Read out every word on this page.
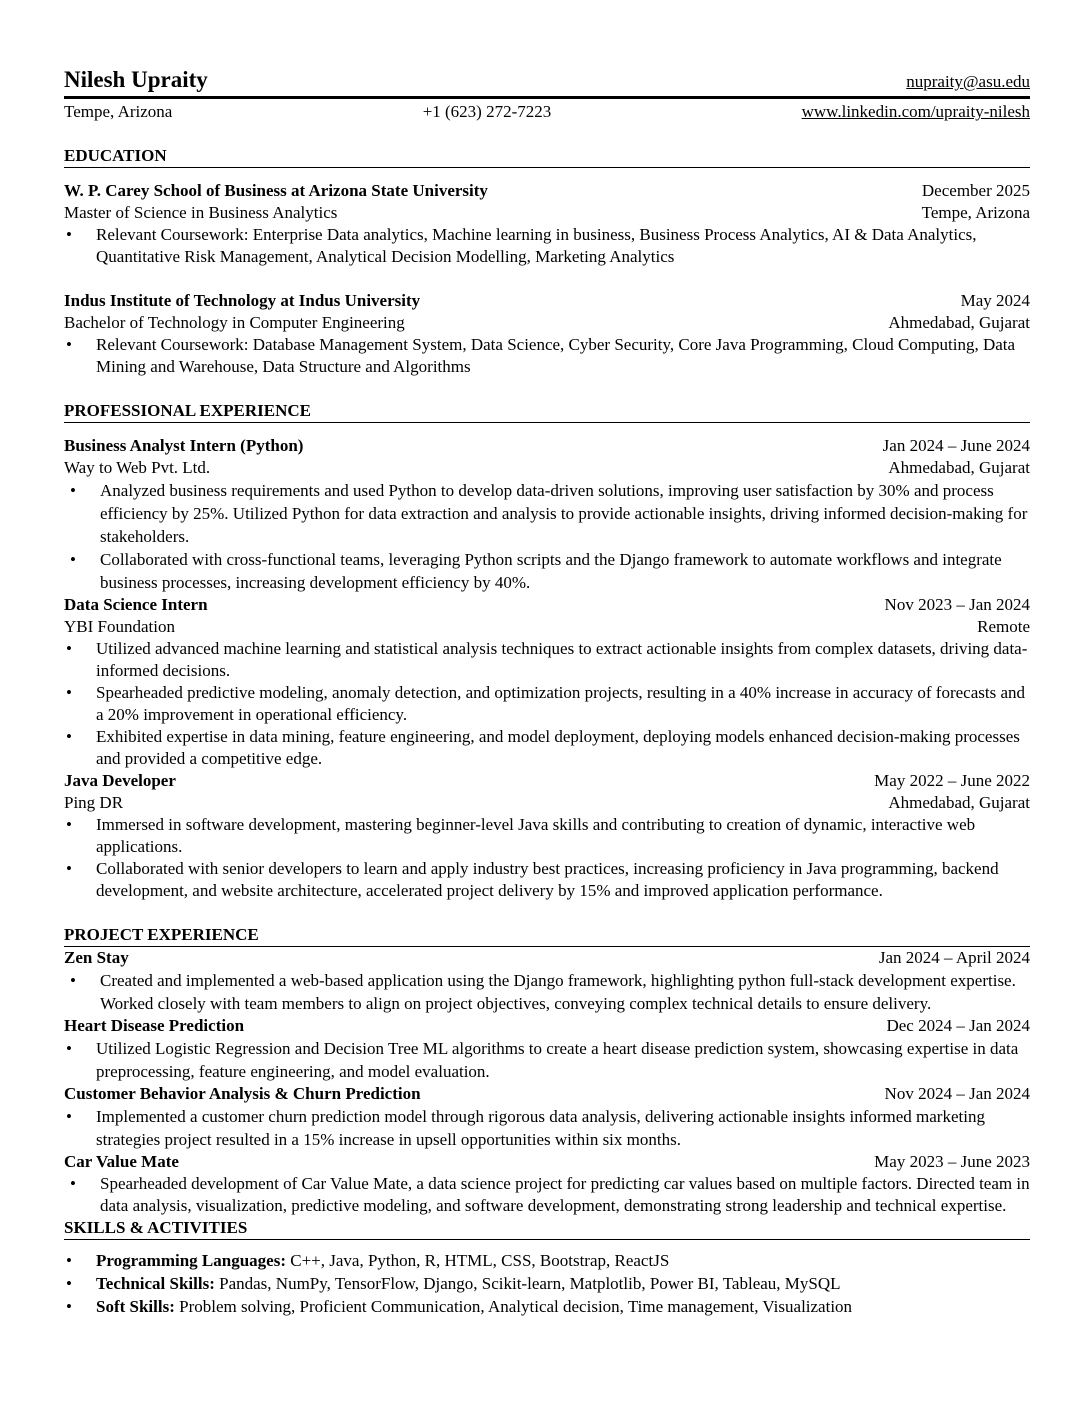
Nilesh Upraity	nupraity@asu.edu
Tempe, Arizona	+1 (623) 272-7223	www.linkedin.com/upraity-nilesh
EDUCATION
W. P. Carey School of Business at Arizona State University	December 2025
Master of Science in Business Analytics	Tempe, Arizona
• Relevant Coursework: Enterprise Data analytics, Machine learning in business, Business Process Analytics, AI & Data Analytics, Quantitative Risk Management, Analytical Decision Modelling, Marketing Analytics
Indus Institute of Technology at Indus University	May 2024
Bachelor of Technology in Computer Engineering	Ahmedabad, Gujarat
• Relevant Coursework: Database Management System, Data Science, Cyber Security, Core Java Programming, Cloud Computing, Data Mining and Warehouse, Data Structure and Algorithms
PROFESSIONAL EXPERIENCE
Business Analyst Intern (Python)	Jan 2024 – June 2024
Way to Web Pvt. Ltd.	Ahmedabad, Gujarat
• Analyzed business requirements and used Python to develop data-driven solutions, improving user satisfaction by 30% and process efficiency by 25%. Utilized Python for data extraction and analysis to provide actionable insights, driving informed decision-making for stakeholders.
• Collaborated with cross-functional teams, leveraging Python scripts and the Django framework to automate workflows and integrate business processes, increasing development efficiency by 40%.
Data Science Intern	Nov 2023 – Jan 2024
YBI Foundation	Remote
• Utilized advanced machine learning and statistical analysis techniques to extract actionable insights from complex datasets, driving data-informed decisions.
• Spearheaded predictive modeling, anomaly detection, and optimization projects, resulting in a 40% increase in accuracy of forecasts and a 20% improvement in operational efficiency.
• Exhibited expertise in data mining, feature engineering, and model deployment, deploying models enhanced decision-making processes and provided a competitive edge.
Java Developer	May 2022 – June 2022
Ping DR	Ahmedabad, Gujarat
• Immersed in software development, mastering beginner-level Java skills and contributing to creation of dynamic, interactive web applications.
• Collaborated with senior developers to learn and apply industry best practices, increasing proficiency in Java programming, backend development, and website architecture, accelerated project delivery by 15% and improved application performance.
PROJECT EXPERIENCE
Zen Stay	Jan 2024 – April 2024
• Created and implemented a web-based application using the Django framework, highlighting python full-stack development expertise. Worked closely with team members to align on project objectives, conveying complex technical details to ensure delivery.
Heart Disease Prediction	Dec 2024 – Jan 2024
• Utilized Logistic Regression and Decision Tree ML algorithms to create a heart disease prediction system, showcasing expertise in data preprocessing, feature engineering, and model evaluation.
Customer Behavior Analysis & Churn Prediction	Nov 2024 – Jan 2024
• Implemented a customer churn prediction model through rigorous data analysis, delivering actionable insights informed marketing strategies project resulted in a 15% increase in upsell opportunities within six months.
Car Value Mate	May 2023 – June 2023
• Spearheaded development of Car Value Mate, a data science project for predicting car values based on multiple factors. Directed team in data analysis, visualization, predictive modeling, and software development, demonstrating strong leadership and technical expertise.
SKILLS & ACTIVITIES
• Programming Languages: C++, Java, Python, R, HTML, CSS, Bootstrap, ReactJS
• Technical Skills: Pandas, NumPy, TensorFlow, Django, Scikit-learn, Matplotlib, Power BI, Tableau, MySQL
• Soft Skills: Problem solving, Proficient Communication, Analytical decision, Time management, Visualization
